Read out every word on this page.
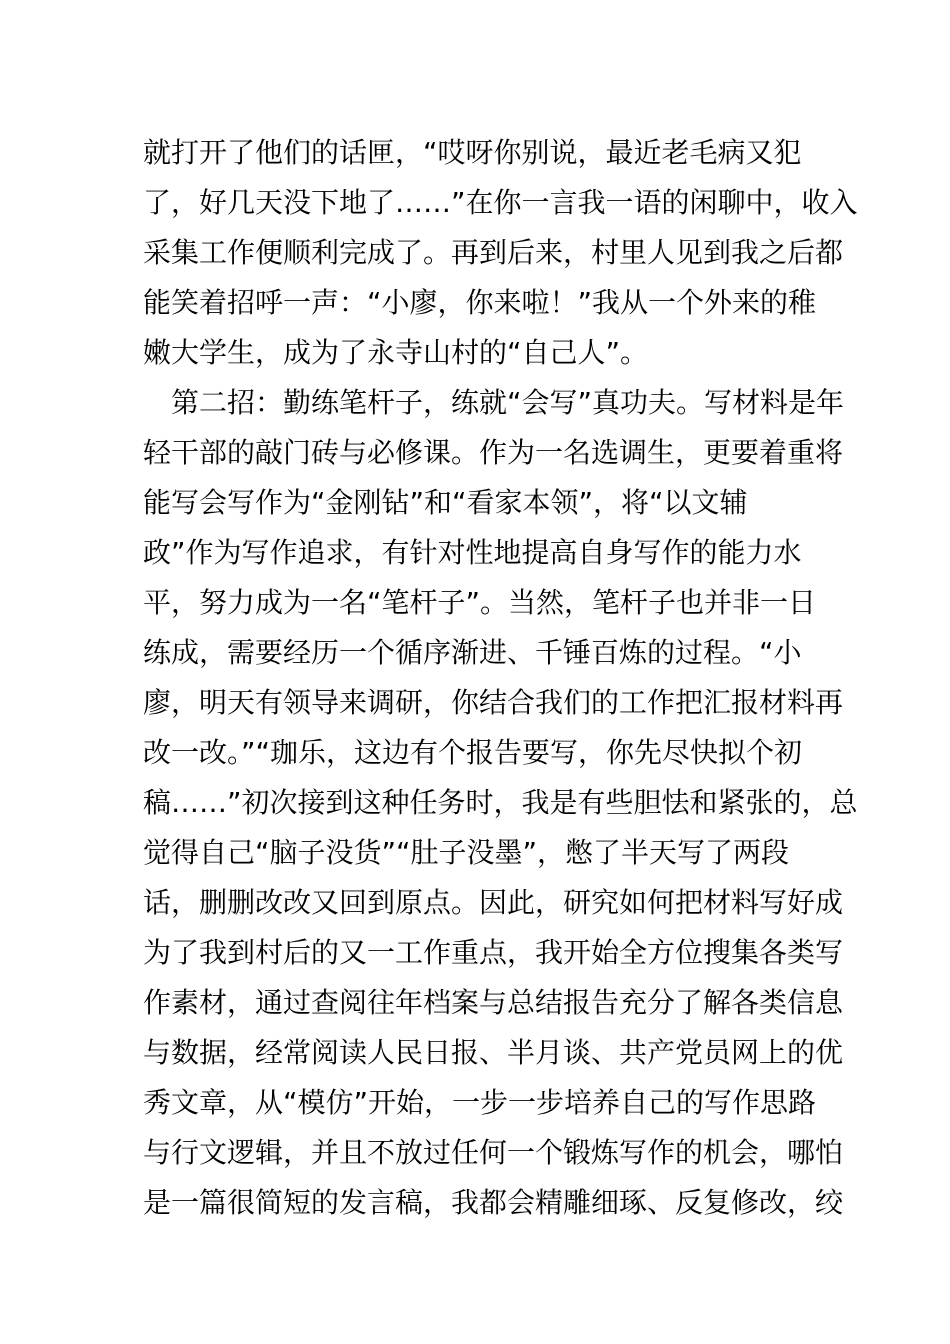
就打开了他们的话匣，“哎呀你别说，最近老毛病又犯
了，好几天没下地了……”在你一言我一语的闲聊中，收入
采集工作便顺利完成了。再到后来，村里人见到我之后都
能笑着招呼一声：“小廖，你来啦！”我从一个外来的稚
嫩大学生，成为了永寺山村的“自己人”。
　第二招：勤练笔杆子，练就“会写”真功夫。写材料是年
轻干部的敲门砖与必修课。作为一名选调生，更要着重将
能写会写作为“金刚钻”和“看家本领”，将“以文辅
政”作为写作追求，有针对性地提高自身写作的能力水
平，努力成为一名“笔杆子”。当然，笔杆子也并非一日
练成，需要经历一个循序渐进、千锤百炼的过程。“小
廖，明天有领导来调研，你结合我们的工作把汇报材料再
改一改。”“珈乐，这边有个报告要写，你先尽快拟个初
稿……”初次接到这种任务时，我是有些胆怯和紧张的，总
觉得自己“脑子没货”“肚子没墨”，憋了半天写了两段
话，删删改改又回到原点。因此，研究如何把材料写好成
为了我到村后的又一工作重点，我开始全方位搜集各类写
作素材，通过查阅往年档案与总结报告充分了解各类信息
与数据，经常阅读人民日报、半月谈、共产党员网上的优
秀文章，从“模仿”开始，一步一步培养自己的写作思路
与行文逻辑，并且不放过任何一个锻炼写作的机会，哪怕
是一篇很简短的发言稿，我都会精雕细琢、反复修改，绞
